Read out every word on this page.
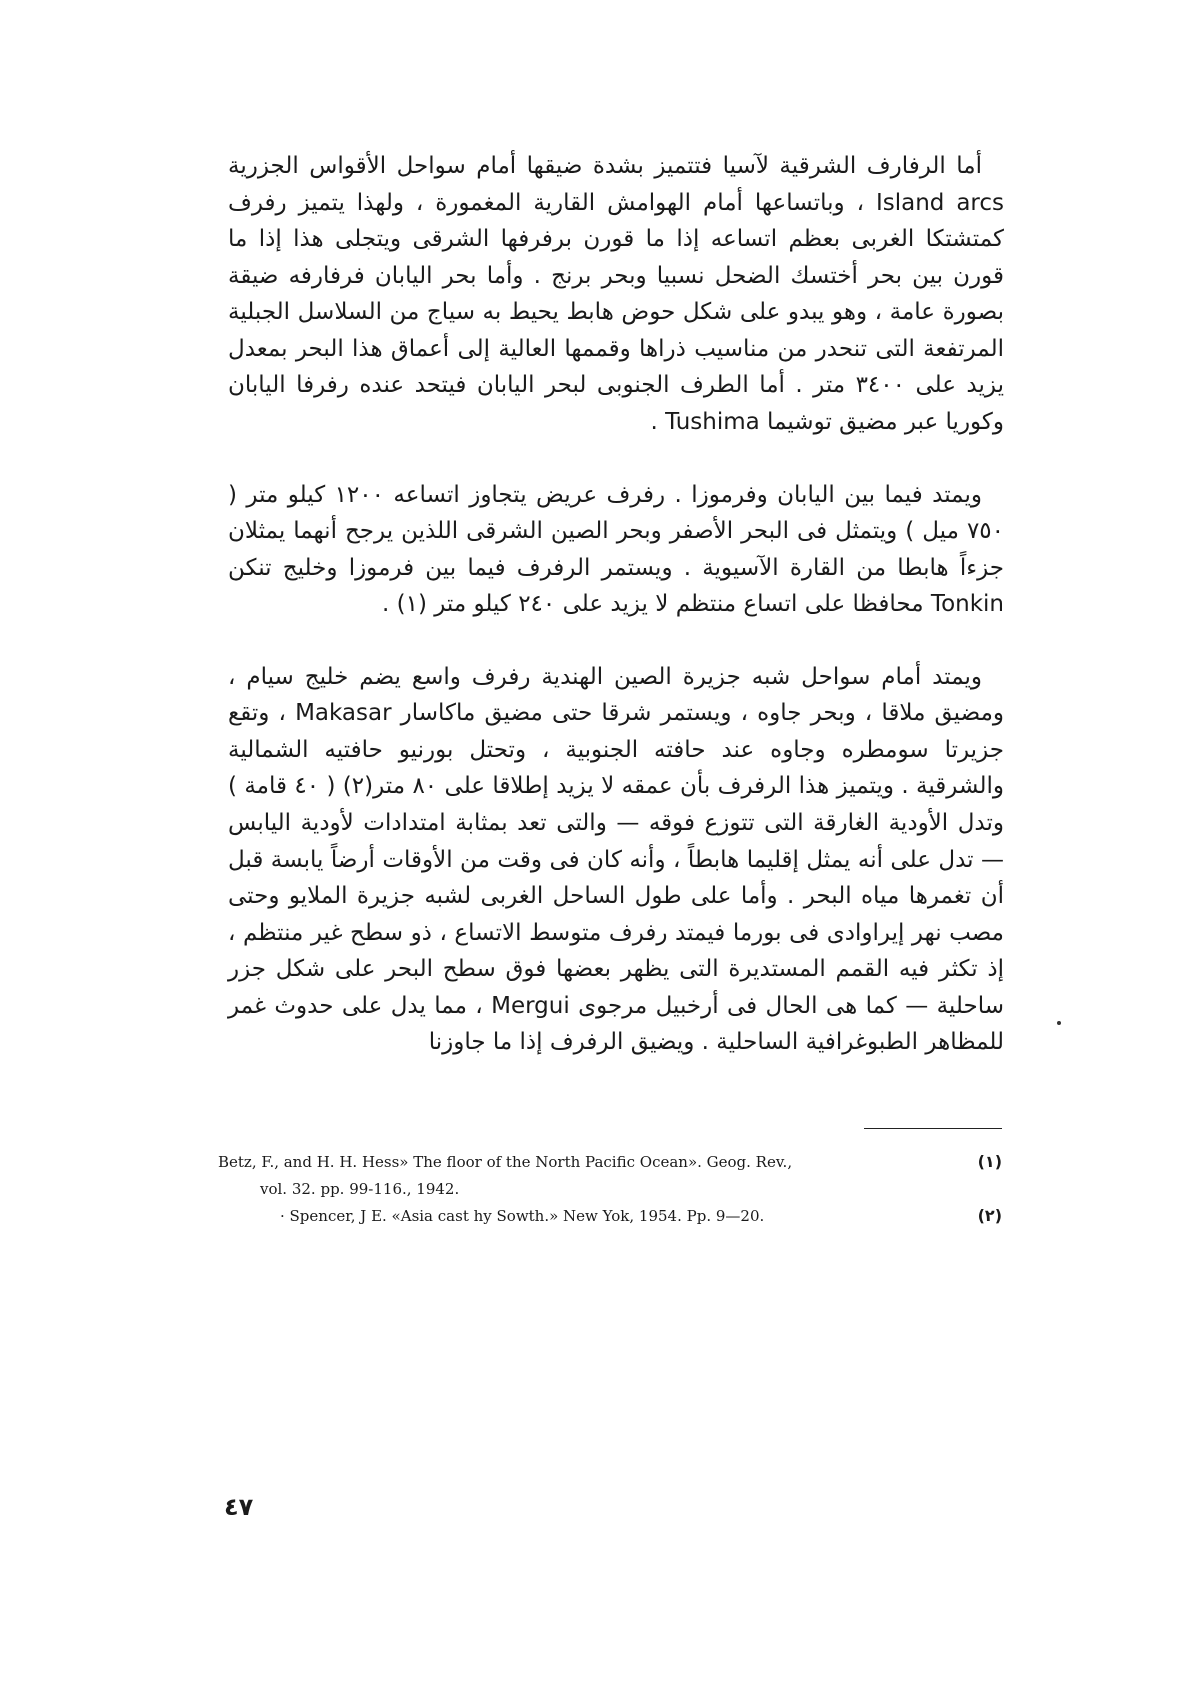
أما الرفارف الشرقية لآسيا فتتميز بشدة ضيقها أمام سواحل الأقواس الجزرية Island arcs ، وباتساعها أمام الهوامش القارية المغمورة ، ولهذا يتميز رفرف كمتشتكا الغربى بعظم اتساعه إذا ما قورن برفرفها الشرقى ويتجلى هذا إذا ما قورن بين بحر أختسك الضحل نسبيا وبحر برنج . وأما بحر اليابان فرفارفه ضيقة بصورة عامة ، وهو يبدو على شكل حوض هابط يحيط به سياج من السلاسل الجبلية المرتفعة التى تنحدر من مناسيب ذراها وقممها العالية إلى أعماق هذا البحر بمعدل يزيد على ٣٤٠٠ متر . أما الطرف الجنوبى لبحر اليابان فيتحد عنده رفرفا اليابان وكوريا عبر مضيق توشيما Tushima .

ويمتد فيما بين اليابان وفرموزا . رفرف عريض يتجاوز اتساعه ١٢٠٠ كيلو متر ( ٧٥٠ ميل ) ويتمثل فى البحر الأصفر وبحر الصين الشرقى اللذين يرجح أنهما يمثلان جزءاً هابطا من القارة الآسيوية . ويستمر الرفرف فيما بين فرموزا وخليج تنكن Tonkin محافظا على اتساع منتظم لا يزيد على ٢٤٠ كيلو متر (١) .

ويمتد أمام سواحل شبه جزيرة الصين الهندية رفرف واسع يضم خليج سيام ، ومضيق ملاقا ، وبحر جاوه ، ويستمر شرقا حتى مضيق ماكاسار Makasar ، وتقع جزيرتا سومطره وجاوه عند حافته الجنوبية ، وتحتل بورنيو حافتيه الشمالية والشرقية . ويتميز هذا الرفرف بأن عمقه لا يزيد إطلاقا على ٨٠ متر(٢) ( ٤٠ قامة ) وتدل الأودية الغارقة التى تتوزع فوقه — والتى تعد بمثابة امتدادات لأودية اليابس — تدل على أنه يمثل إقليما هابطاً ، وأنه كان فى وقت من الأوقات أرضاً يابسة قبل أن تغمرها مياه البحر . وأما على طول الساحل الغربى لشبه جزيرة الملايو وحتى مصب نهر إيراوادى فى بورما فيمتد رفرف متوسط الاتساع ، ذو سطح غير منتظم ، إذ تكثر فيه القمم المستديرة التى يظهر بعضها فوق سطح البحر على شكل جزر ساحلية — كما هى الحال فى أرخبيل مرجوى Mergui ، مما يدل على حدوث غمر للمظاهر الطبوغرافية الساحلية . ويضيق الرفرف إذا ما جاوزنا

Betz, F., and H. H. Hess» The floor of the North Pacific Ocean». Geog. Rev.,	(١)
vol. 32. pp. 99-116., 1942.
· Spencer, J E. «Asia cast hy Sowth.» New Yok, 1954. Pp. 9—20.	(٢)
٤٧
